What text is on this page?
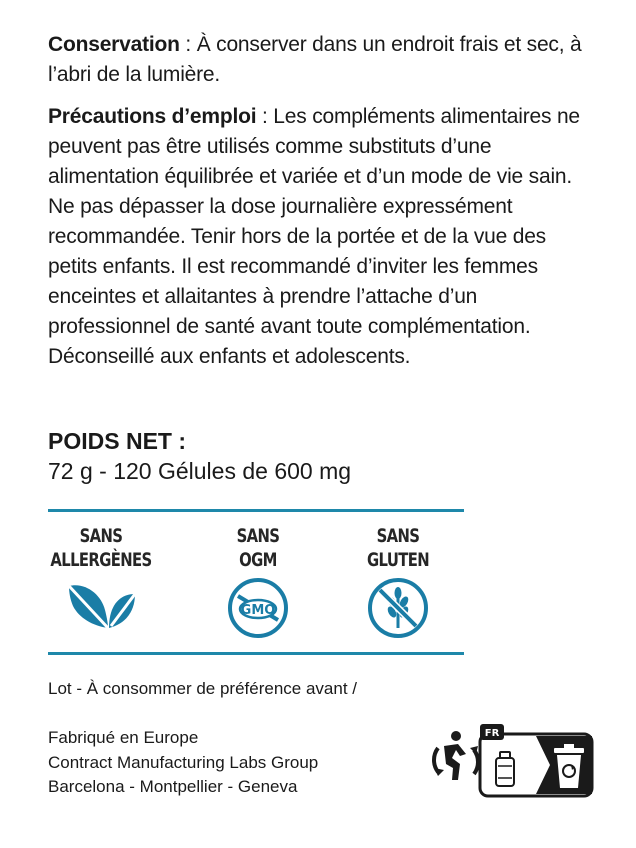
Conservation : À conserver dans un endroit frais et sec, à l’abri de la lumière.

Précautions d’emploi : Les compléments alimentaires ne peuvent pas être utilisés comme substituts d’une alimentation équilibrée et variée et d’un mode de vie sain. Ne pas dépasser la dose journalière expressément recommandée. Tenir hors de la portée et de la vue des petits enfants. Il est recommandé d’inviter les femmes enceintes et allaitantes à prendre l’attache d’un professionnel de santé avant toute complémentation. Déconseillé aux enfants et adolescents.

POIDS NET :
72 g - 120 Gélules de 600 mg
SANS
ALLERGÈNES
SANS
OGM
GMO
SANS
GLUTEN
Lot - À consommer de préférence avant /
Fabriqué en Europe
Contract Manufacturing Labs Group
Barcelona - Montpellier - Geneva
FR
